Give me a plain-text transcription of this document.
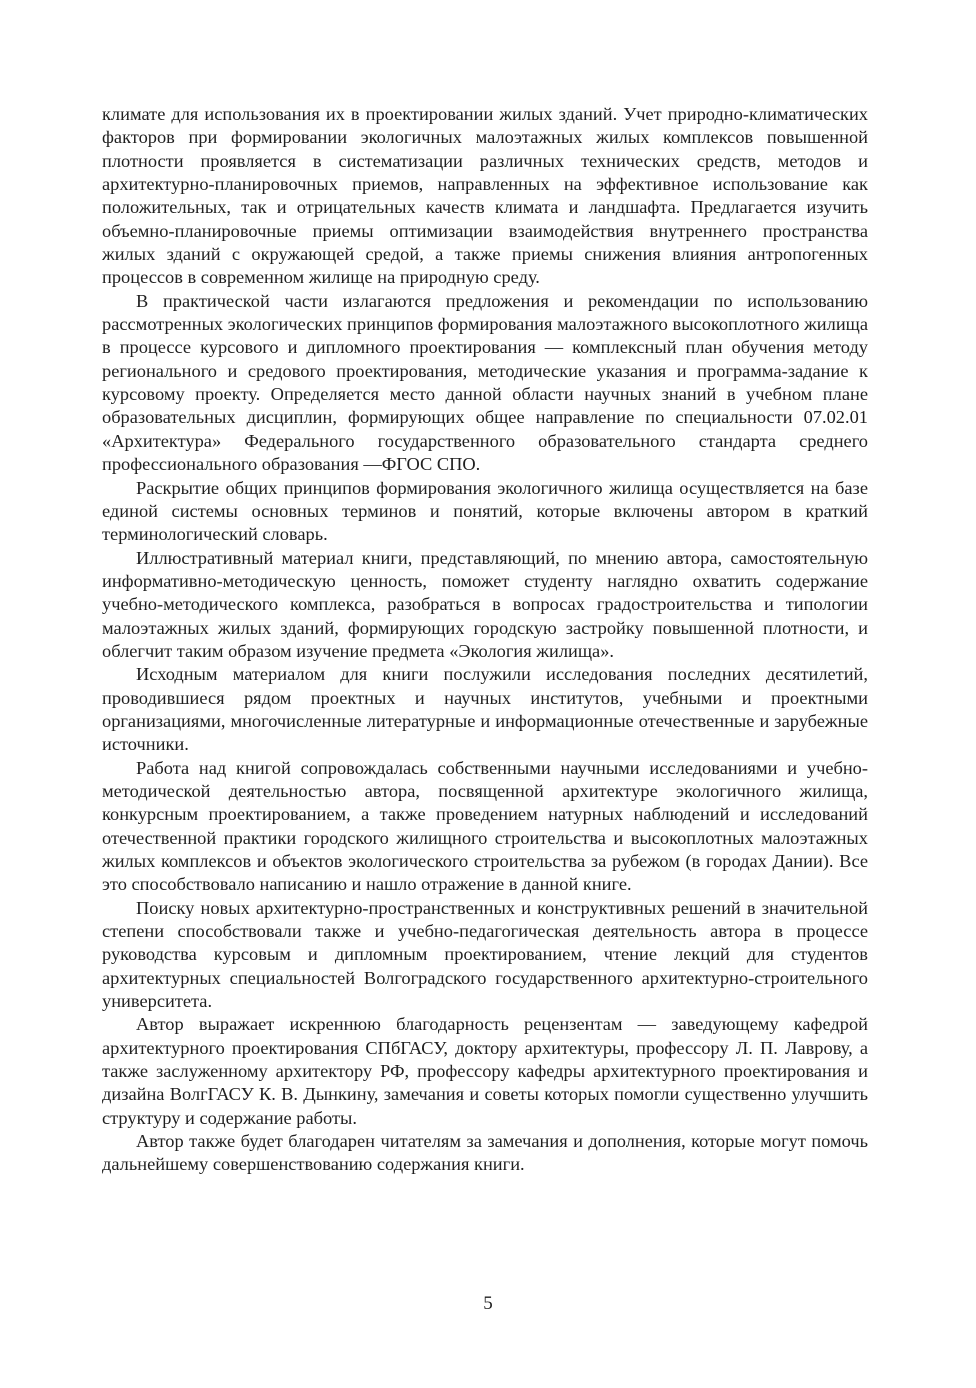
климате для использования их в проектировании жилых зданий. Учет природно-климатических факторов при формировании экологичных малоэтажных жилых комплексов повышенной плотности проявляется в систематизации различных технических средств, методов и архитектурно-планировочных приемов, направленных на эффективное использование как положительных, так и отрицательных качеств климата и ландшафта. Предлагается изучить объемно-планировочные приемы оптимизации взаимодействия внутреннего пространства жилых зданий с окружающей средой, а также приемы снижения влияния антропогенных процессов в современном жилище на природную среду.

В практической части излагаются предложения и рекомендации по использованию рассмотренных экологических принципов формирования малоэтажного высокоплотного жилища в процессе курсового и дипломного проектирования — комплексный план обучения методу регионального и средового проектирования, методические указания и программа-задание к курсовому проекту. Определяется место данной области научных знаний в учебном плане образовательных дисциплин, формирующих общее направление по специальности 07.02.01 «Архитектура» Федерального государственного образовательного стандарта среднего профессионального образования —ФГОС СПО.

Раскрытие общих принципов формирования экологичного жилища осуществляется на базе единой системы основных терминов и понятий, которые включены автором в краткий терминологический словарь.

Иллюстративный материал книги, представляющий, по мнению автора, самостоятельную информативно-методическую ценность, поможет студенту наглядно охватить содержание учебно-методического комплекса, разобраться в вопросах градостроительства и типологии малоэтажных жилых зданий, формирующих городскую застройку повышенной плотности, и облегчит таким образом изучение предмета «Экология жилища».

Исходным материалом для книги послужили исследования последних десятилетий, проводившиеся рядом проектных и научных институтов, учебными и проектными организациями, многочисленные литературные и информационные отечественные и зарубежные источники.

Работа над книгой сопровождалась собственными научными исследованиями и учебно-методической деятельностью автора, посвященной архитектуре экологичного жилища, конкурсным проектированием, а также проведением натурных наблюдений и исследований отечественной практики городского жилищного строительства и высокоплотных малоэтажных жилых комплексов и объектов экологического строительства за рубежом (в городах Дании). Все это способствовало написанию и нашло отражение в данной книге.

Поиску новых архитектурно-пространственных и конструктивных решений в значительной степени способствовали также и учебно-педагогическая деятельность автора в процессе руководства курсовым и дипломным проектированием, чтение лекций для студентов архитектурных специальностей Волгоградского государственного архитектурно-строительного университета.

Автор выражает искреннюю благодарность рецензентам — заведующему кафедрой архитектурного проектирования СПбГАСУ, доктору архитектуры, профессору Л. П. Лаврову, а также заслуженному архитектору РФ, профессору кафедры архитектурного проектирования и дизайна ВолгГАСУ К. В. Дынкину, замечания и советы которых помогли существенно улучшить структуру и содержание работы.

Автор также будет благодарен читателям за замечания и дополнения, которые могут помочь дальнейшему совершенствованию содержания книги.

5
